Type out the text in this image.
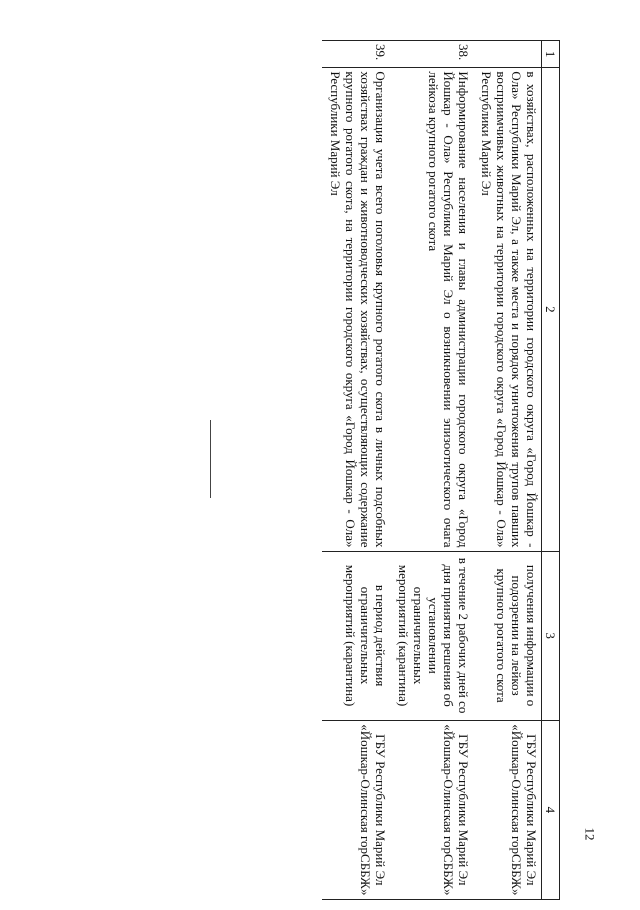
12
1	2	3	4
	в хозяйствах, расположенных на территории городского округа «Город Йошкар - Ола» Республики Марий Эл, а также места и порядок уничтожения трупов павших восприимчивых животных на территории городского округа «Город Йошкар - Ола» Республики Марий Эл	получения информации о подозрении на лейкоз крупного рогатого скота	ГБУ Республики Марий Эл «Йошкар-Олинская горСББЖ»
38.	Информирование населения и главы администрации городского округа «Город Йошкар - Ола» Республики Марий Эл о возникновении эпизоотического очага лейкоза крупного рогатого скота	в течение 2 рабочих дней со дня принятия решения об установлении ограничительных мероприятий (карантина)	ГБУ Республики Марий Эл «Йошкар-Олинская горСББЖ»
39.	Организация учета всего поголовья крупного рогатого скота в личных подсобных хозяйствах граждан и животноводческих хозяйствах, осуществляющих содержание крупного рогатого скота, на территории городского округа «Город Йошкар - Ола» Республики Марий Эл	в период действия ограничительных мероприятий (карантина)	ГБУ Республики Марий Эл «Йошкар-Олинская горСББЖ»
